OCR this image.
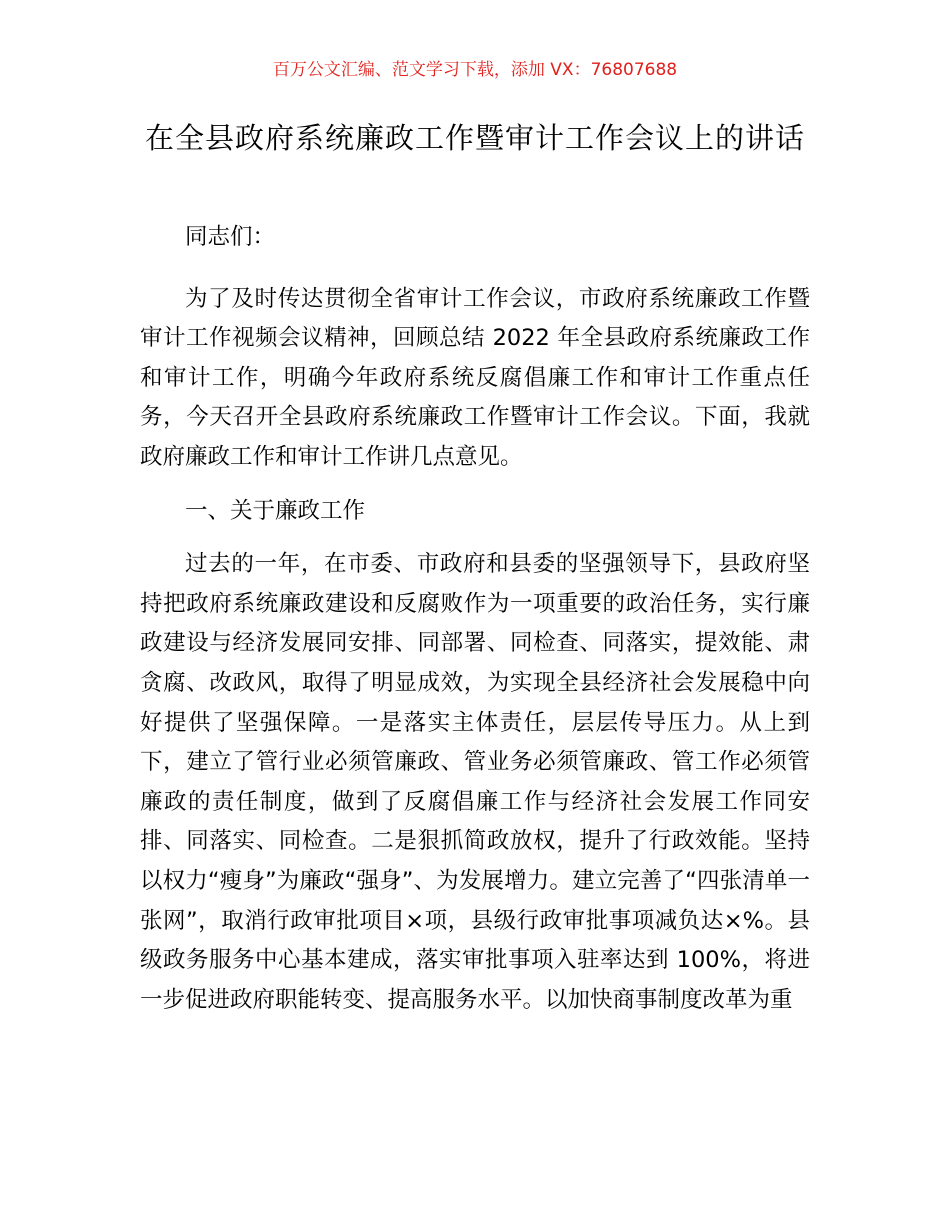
百万公文汇编、范文学习下载，添加 VX：76807688
在全县政府系统廉政工作暨审计工作会议上的讲话

同志们：

为了及时传达贯彻全省审计工作会议，市政府系统廉政工作暨审计工作视频会议精神，回顾总结 2022 年全县政府系统廉政工作和审计工作，明确今年政府系统反腐倡廉工作和审计工作重点任务，今天召开全县政府系统廉政工作暨审计工作会议。下面，我就政府廉政工作和审计工作讲几点意见。

一、关于廉政工作

过去的一年，在市委、市政府和县委的坚强领导下，县政府坚持把政府系统廉政建设和反腐败作为一项重要的政治任务，实行廉政建设与经济发展同安排、同部署、同检查、同落实，提效能、肃贪腐、改政风，取得了明显成效，为实现全县经济社会发展稳中向好提供了坚强保障。一是落实主体责任，层层传导压力。从上到下，建立了管行业必须管廉政、管业务必须管廉政、管工作必须管廉政的责任制度，做到了反腐倡廉工作与经济社会发展工作同安排、同落实、同检查。二是狠抓简政放权，提升了行政效能。坚持以权力“瘦身”为廉政“强身”、为发展增力。建立完善了“四张清单一张网”，取消行政审批项目×项，县级行政审批事项减负达×%。县级政务服务中心基本建成，落实审批事项入驻率达到 100%，将进一步促进政府职能转变、提高服务水平。以加快商事制度改革为重
